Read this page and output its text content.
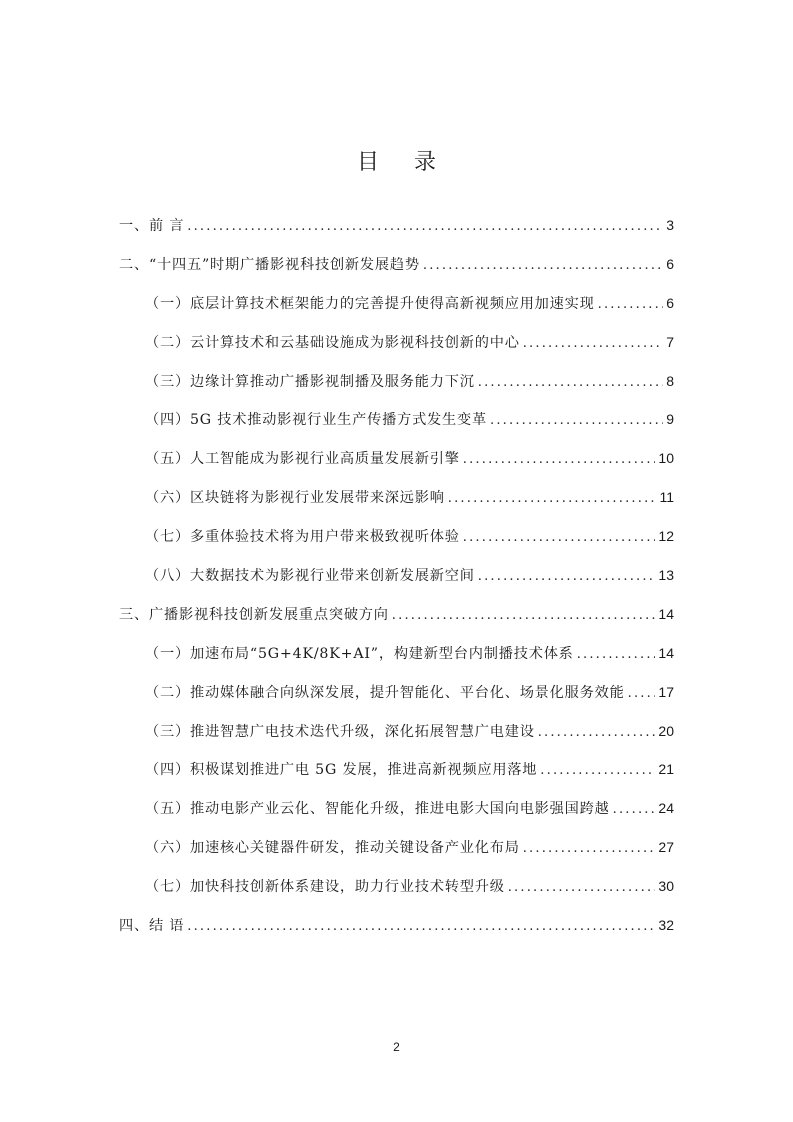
目 录
一、前 言 .....	3
二、“十四五”时期广播影视科技创新发展趋势 .....	6
（一）底层计算技术框架能力的完善提升使得高新视频应用加速实现 .....	6
（二）云计算技术和云基础设施成为影视科技创新的中心 .....	7
（三）边缘计算推动广播影视制播及服务能力下沉 .....	8
（四）5G 技术推动影视行业生产传播方式发生变革 .....	9
（五）人工智能成为影视行业高质量发展新引擎 .....	10
（六）区块链将为影视行业发展带来深远影响 .....	11
（七）多重体验技术将为用户带来极致视听体验 .....	12
（八）大数据技术为影视行业带来创新发展新空间 .....	13
三、广播影视科技创新发展重点突破方向 .....	14
（一）加速布局“5G+4K/8K+AI”，构建新型台内制播技术体系 .....	14
（二）推动媒体融合向纵深发展，提升智能化、平台化、场景化服务效能 ..... 17
（三）推进智慧广电技术迭代升级，深化拓展智慧广电建设 .....	20
（四）积极谋划推进广电 5G 发展，推进高新视频应用落地 .....	21
（五）推动电影产业云化、智能化升级，推进电影大国向电影强国跨越 .....	24
（六）加速核心关键器件研发，推动关键设备产业化布局 .....	27
（七）加快科技创新体系建设，助力行业技术转型升级 .....	30
四、结 语 .....	32
2
